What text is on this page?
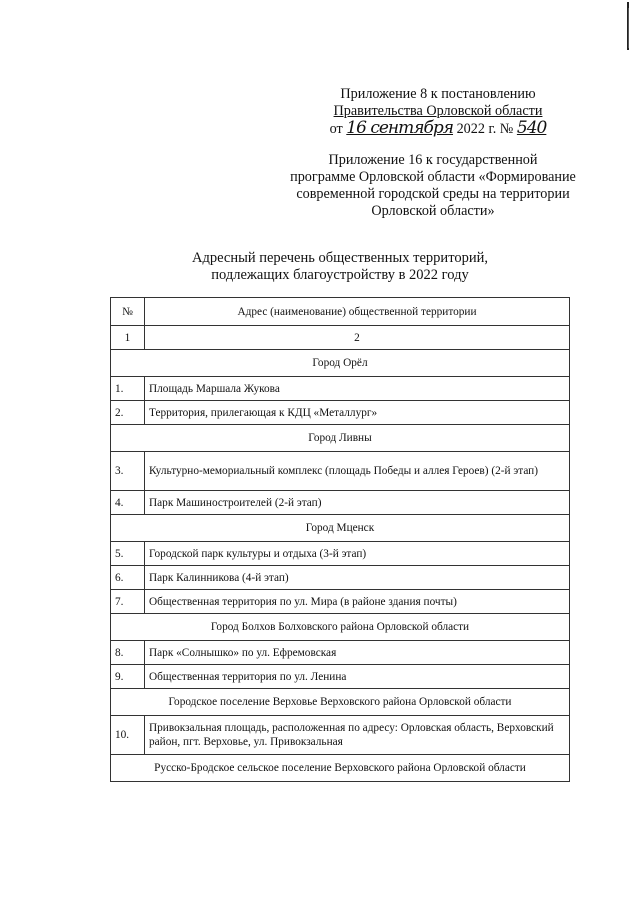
Приложение 8 к постановлению
Правительства Орловской области
от 16 сентября 2022 г. № 540
Приложение 16 к государственной
программе Орловской области «Формирование
современной городской среды на территории
Орловской области»
Адресный перечень общественных территорий,
подлежащих благоустройству в 2022 году
№	Адрес (наименование) общественной территории
1	2
Город Орёл	
1.	Площадь Маршала Жукова
2.	Территория, прилегающая к КДЦ «Металлург»
Город Ливны	
3.	Культурно-мемориальный комплекс (площадь Победы и аллея Героев) (2-й этап)
4.	Парк Машиностроителей (2-й этап)
Город Мценск	
5.	Городской парк культуры и отдыха (3-й этап)
6.	Парк Калинникова (4-й этап)
7.	Общественная территория по ул. Мира (в районе здания почты)
Город Болхов Болховского района Орловской области	
8.	Парк «Солнышко» по ул. Ефремовская
9.	Общественная территория по ул. Ленина
Городское поселение Верховье Верховского района Орловской области	
10.	Привокзальная площадь, расположенная по адресу: Орловская область, Верховский район, пгт. Верховье, ул. Привокзальная
Русско-Бродское сельское поселение Верховского района Орловской области	
